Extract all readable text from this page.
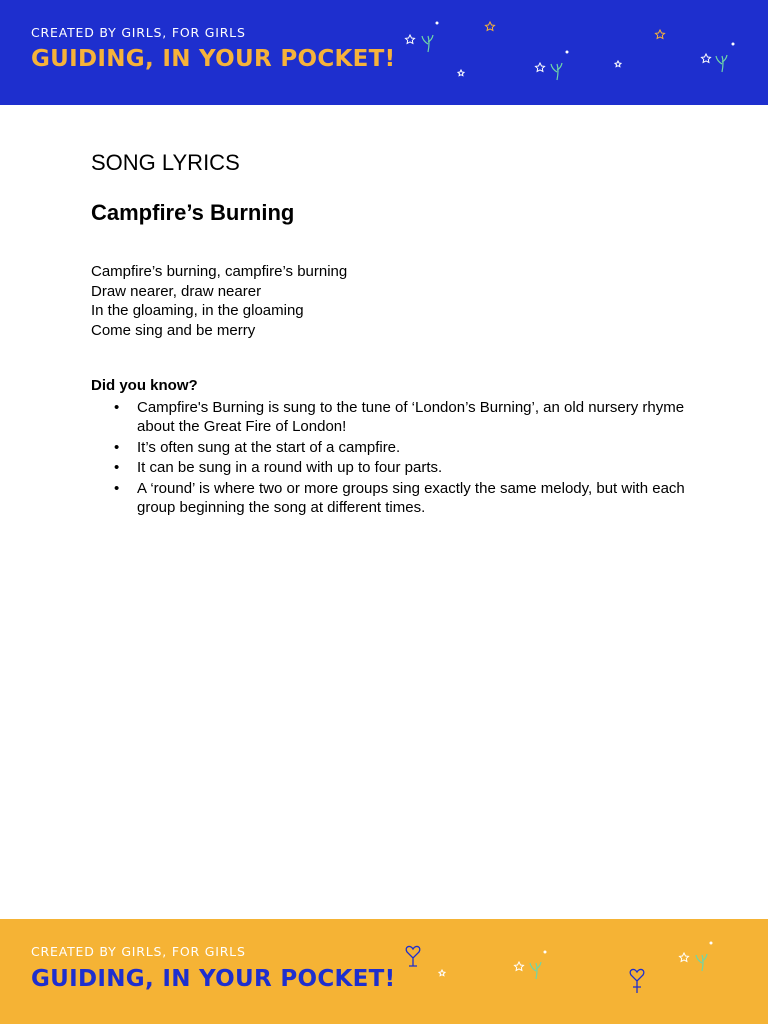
CREATED BY GIRLS, FOR GIRLS
GUIDING, IN YOUR POCKET!
SONG LYRICS
Campfire’s Burning
Campfire’s burning, campfire’s burning
Draw nearer, draw nearer
In the gloaming, in the gloaming
Come sing and be merry
Did you know?
• Campfire's Burning is sung to the tune of ‘London’s Burning’, an old nursery rhyme about the Great Fire of London!
• It’s often sung at the start of a campfire.
• It can be sung in a round with up to four parts.
• A ‘round’ is where two or more groups sing exactly the same melody, but with each group beginning the song at different times.
CREATED BY GIRLS, FOR GIRLS
GUIDING, IN YOUR POCKET!
